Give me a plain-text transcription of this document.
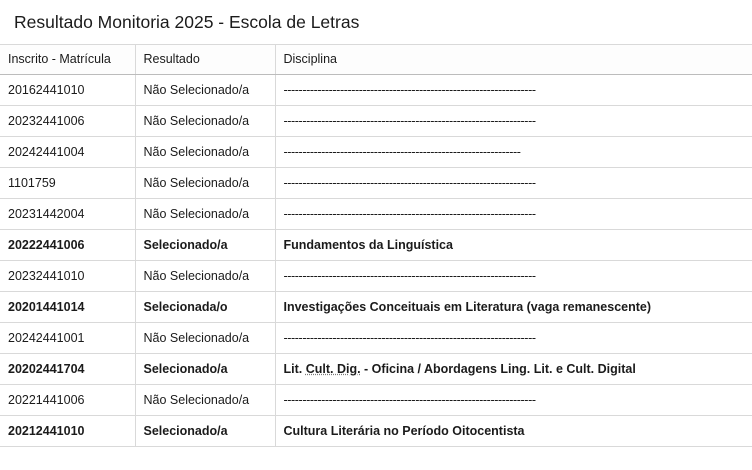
Resultado Monitoria 2025 - Escola de Letras
Inscrito - Matrícula	Resultado	Disciplina
20162441010	Não Selecionado/a	-------------------------------------------------------------------
20232441006	Não Selecionado/a	-------------------------------------------------------------------
20242441004	Não Selecionado/a	---------------------------------------------------------------
1101759	Não Selecionado/a	-------------------------------------------------------------------
20231442004	Não Selecionado/a	-------------------------------------------------------------------
20222441006	Selecionado/a	Fundamentos da Linguística
20232441010	Não Selecionado/a	-------------------------------------------------------------------
20201441014	Selecionada/o	Investigações Conceituais em Literatura (vaga remanescente)
20242441001	Não Selecionado/a	-------------------------------------------------------------------
20202441704	Selecionado/a	Lit. Cult. Dig. - Oficina / Abordagens Ling. Lit. e Cult. Digital
20221441006	Não Selecionado/a	-------------------------------------------------------------------
20212441010	Selecionado/a	Cultura Literária no Período Oitocentista
